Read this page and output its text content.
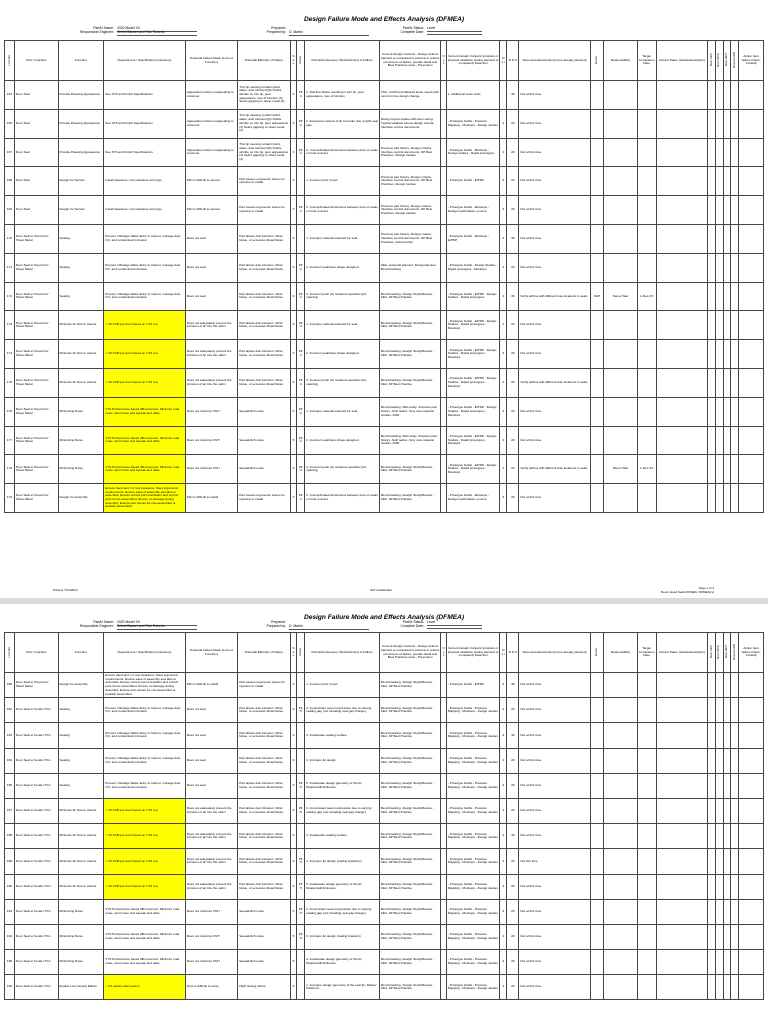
Design Failure Mode and Effects Analysis (DFMEA)
Part/Ix Name: 2020 Model XX
Responsible Engineer: Select Basset and Rick Roberts
Prepared:
Prepared by: D. Martin
Part/Ix Status: Level
Complete Date:
Line No.	Part / Interface	Function	Requirement / Specification (reference)	Potential Failure Mode (Loss of Function)	Potential Effect(s) of Failure	S e v	Class	Potential Cause(s) / Mechanism(s) of Failure	Current Design Controls - Design actions planned or completed to prevent or reduce occurrence of failure; provide detail and Best Practices used - Prevention	O c c	Current Design Controls (Analysis or physical validation testing planned or completed) Detection	D e t	R P N	Recommended Action(s) (not already planned)	Notes	Responsibility	Target Completion Date	Actions Taken (status/description)	New SEV	New OCC	New DET	Result RPN	Action Item Status (Open, Closed)
164	Door Seal	Provide Pleasing Appearance	See STS and Finish Specifications	Appearance that is unappealing to customer	Trim lip causing contact (wind, water, dust intrusion)(3) Visible wrinkle on trim lip, poor appearance, loss of function (3) Seal's gapping to sheet metal (4)	3	PFU	1. Roll-line failure resulting in torn lip, poor appearance, loss of function	FSU- confirmed sill(seal) alone meets with new trim line design change.		1. Additional seam tests		40	Not at this time.									
165	Door Seal	Provide Pleasing Appearance	See STS and Finish Specifications	Appearance that is unappealing to customer	Trim lip causing contact (wind, water, dust intrusion)(3) Visible wrinkle on trim lip, poor appearance (3) Seal's gapping to sheet metal (4)	3	PFU	2. Excessive contour of lip to fender due to tight seal gap.	Design layout studies with door swing. Typical variation across design criteria; Interface control documents.		- Prototype builds - Pressure Mapping - Mockups - Design studies	2	20	Not at this time.									
167	Door Seal	Provide Pleasing Appearance	See STS and Finish Specifications	Appearance that is unappealing to customer	Trim lip causing contact (wind, water, dust intrusion)(3) Visible wrinkle on trim lip, poor appearance (3) Seal's gapping to sheet metal (4)	3	PFU	4. Uncoordinated dimensions between pins on seals on hole in doors.	Previous part history -Design criteria -Interface control documents -SP Best Practices -Design studies		- Prototype builds - Mockups - Design studies - Rapid prototypes	2	20	Not at this time.									
168	Door Seal	Design for Service	Install clearance; tool clearance and ergo	Part is difficult to service	Part causes ergonomic issues for operator to install	3		1. Incorrect pins in part	Previous part history -Design criteria -Interface control documents -SP Best Practices -Design studies		- Prototype builds - E/PNP	2	20	Not at this time.									
169	Door Seal	Design for Service	Install clearance; tool clearance and ergo	Part is difficult to service	Part causes ergonomic issues for operator to install	3	PFU	2. Uncoordinated dimensions between pins on seals on hole in doors.	Previous part history -Design criteria -Interface control documents -SP Best Practices -Design studies		- Prototype builds - Mockups - Design confirmation on door	2	20	Not at this time.									
170	Door Seal to Hood trim/ Sheet Metal	Sealing	Prevent / Manage Water Entry to Interior, manage dust, CO, and contaminant intrusion	Does not seal	Part allows dust intrusion, Wind Noise, or excessive Road Noise	9		1. Improper material selected for seal	Previous part history -Design criteria -Interface control documents -SP Best Practices -Solid Cocker		- Prototype builds - Mockups - E/PNP	2	36	Not at this time.									
171	Door Seal to Hood trim/ Sheet Metal	Sealing	Prevent / Manage Water Entry to Interior, manage dust, CO, and contaminant intrusion	Does not seal	Part allows dust intrusion, Wind Noise, or excessive Road Noise	9	PFU	2. Incorrect seal/trans shape designed.	FEA -seasonal planned -Design Review -Benchmarking		- Prototype builds - Design Studies - Rapid prototypes - Mockups	2	20	Not at this time.									
172	Door Seal to Hood trim/ Sheet Metal	Sealing	Prevent / Manage Water Entry to Interior, manage dust, CO, and contaminant intrusion	Does not seal	Part allows dust intrusion, Wind Noise, or excessive Road Noise	9	PFU	3. Incorrect push pin locations specified (pin spacing)	Benchmarking -Design Study/Review -FEA -SP Best Practice		- Prototype builds - E/PNP - Design Studies - Rapid prototypes	2	36	Verify airflow with different hole locations in seals	SUP	Steve Haar	1-Dec-XX						
173	Door Seal to Hood trim/ Sheet Metal	Minimize Air flow to Interior	< X0 CFM per door based on VTS req	Does not adequately prevent the intrusion of air into the cabin	Part allows dust intrusion, Wind Noise, or excessive Road Noise	9	PFU	1. Improper material selected for seal	Benchmarking -Design Study/Review -FEA -SP Best Practice		- Prototype builds - E/PNP - Design Studies - Rapid prototypes - Mockups	2	20	Not at this time.									
174	Door Seal to Hood trim/ Sheet Metal	Minimize Air flow to Interior	< X0 CFM per door based on VTS req	Does not adequately prevent the intrusion of air into the cabin	Part allows dust intrusion, Wind Noise, or excessive Road Noise	9	PFU	2. Incorrect seal/trans shape designed.	Benchmarking -Design Study/Review -FEA -SP Best Practice		- Prototype builds - E/PNP - Design Studies - Rapid prototypes - Mockups	2	20	Not at this time.									
175	Door Seal to Hood trim/ Sheet Metal	Minimize Air flow to Interior	< X0 CFM per door based on VTS req	Does not adequately prevent the intrusion of air into the cabin	Part allows dust intrusion, Wind Noise, or excessive Road Noise	9	PFU	3. Incorrect push pin locations specified (pin spacing)	Benchmarking -Design Study/Review -FEA -SP Best Practice		- Prototype builds - E/PNP - Design Studies - Rapid prototypes - Mockups	2	20	Verify airflow with different hole locations in seals									
176	Door Seal to Hood trim/ Sheet Metal	Minimizing Noise	VTS Performance based dB increment. Minimize road noise, wind noise and squeak and rattle.	Does not minimize NVH	Squeak/Itch noise	5	PFU	1. Improper material selected for seal	Benchmarking -FEA study -Previous part history -SoD radius -Very new material studies -SOR		- Prototype builds - E/PNP - Design Studies - Rapid prototypes - Mockups	2	20	Not at this time.									
177	Door Seal to Hood trim/ Sheet Metal	Minimizing Noise	VTS Performance based dB increment. Minimize road noise, wind noise and squeak and rattle.	Does not minimize NVH	Squeak/Itch noise	5	PFU	2. Incorrect seal/trans shape designed.	Benchmarking -FEA study -Previous part history -SoD radius -Very new material studies -SOR		- Prototype builds - E/PNP - Design Studies - Rapid prototypes - Mockups	2	20	Not at this time.									
178	Door Seal to Hood trim/ Sheet Metal	Minimizing Noise	VTS Performance based dB increment. Minimize road noise, wind noise and squeak and rattle.	Does not minimize NVH	Squeak/Itch noise	5	PFU	3. Incorrect push pin locations specified (pin spacing)	Benchmarking -Design Study/Review -FEA -SP Best Practice		- Prototype builds - E/PNP - Design Studies - Rapid prototypes - Mockups	2	20	Verify airflow with different hole locations in seals		Steve Haar	1-Dec-XX						
179	Door Seal to Hood trim/ Sheet Metal	Design for Assembly	Ensure hand and / or tool clearance. Meet ergonomic requirements. Ensure ease of assembly and able to assemble. Ensure correct part orientation and correct part can be assembled. Ensure no damage during assembly. Ensure part cannot be mis-assembled or partially assembled.	Part is difficult to install	Part causes ergonomic issues for operator to install	3	PFU	2. Uncoordinated dimensions between pins on seals on hole in doors.	Benchmarking -Design Study/Review -FEA -SP Best Practice		- Prototype builds - Mockups - Design confirmation on door	2	20	Not at this time.									
Printed: 7/21/2024	GM Confidential	Page 1 of 4
Rover Hood Seals DFMEA / DFMEA(rs)
Design Failure Mode and Effects Analysis (DFMEA)
Part/Ix Name: 2020 Model XX
Responsible Engineer: Select Basset and Rick Roberts
Prepared:
Prepared by: D. Martin
Part/Ix Status: Level
Complete Date:
Line No.	Part / Interface	Function	Requirement / Specification (reference)	Potential Failure Mode (Loss of Function)	Potential Effect(s) of Failure	S e v	Class	Potential Cause(s) / Mechanism(s) of Failure	Current Design Controls - Design actions planned or completed to prevent or reduce occurrence of failure; provide detail and Best Practices used - Prevention	O c c	Current Design Controls (Analysis or physical validation testing planned or completed) Detection	D e t	R P N	Recommended Action(s) (not already planned)	Notes	Responsibility	Target Completion Date	Actions Taken (status/description)	New SEV	New OCC	New DET	Result RPN	Action Item Status (Open, Closed)
180	Door Seal to Hood trim/ Sheet Metal	Design for Assembly	Ensure hand and / or tool clearance. Meet ergonomic requirements. Ensure ease of assembly and able to assemble. Ensure correct part orientation and correct part can be assembled. Ensure no damage during assembly. Ensure part cannot be mis-assembled or partially assembled.	Part is difficult to install	Part causes ergonomic issues for operator to install	3		1. Incorrect pins in part	Benchmarking -Design Study/Review -FEA -SP Best Practice		- Prototype builds - E/PNP	2	36	Not at this time.									
182	Door Seal to Fender Trim	Sealing	Prevent / Manage Water Entry to Interior, manage dust, CO, and contaminant intrusion	Does not seal	Part allows dust intrusion, Wind Noise, or excessive Road Noise	9	PFH	2. Inconsistent seal compression due to varying sealing gap (not including seal gap change)	Benchmarking -Design Study/Review -FEA -SP Best Practice		- Prototype builds - Pressure Mapping - Mockups - Design studies	2	20	Not at this time.									
183	Door Seal to Fender Trim	Sealing	Prevent / Manage Water Entry to Interior, manage dust, CO, and contaminant intrusion	Does not seal	Part allows dust intrusion, Wind Noise, or excessive Road Noise	9		3. Inadequate sealing surface	Benchmarking -Design Study/Review -FEA -SP Best Practice		- Prototype builds - Pressure Mapping - Mockups - Design studies	2	40	Not at this time.									
184	Door Seal to Fender Trim	Sealing	Prevent / Manage Water Entry to Interior, manage dust, CO, and contaminant intrusion	Does not seal	Part allows dust intrusion, Wind Noise, or excessive Road Noise	9		4. Improper lip design	Benchmarking -Design Study/Review -FEA -SP Best Practice		- Prototype builds - Pressure Mapping - Mockups - Design studies	2	20	Not at this time.									
185	Door Seal to Fender Trim	Sealing	Prevent / Manage Water Entry to Interior, manage dust, CO, and contaminant intrusion	Does not seal	Part allows dust intrusion, Wind Noise, or excessive Road Noise	9	PFH	5. Inadequate design geometry of the lip. Shape/radii thickness.	Benchmarking -Design Study/Review -FEA -SP Best Practice		- Prototype builds - Pressure Mapping - Mockups - Design studies	2	20	Not at this time.									
187	Door Seal to Fender Trim	Minimize Air flow to Interior	< X0 CFM per door based on VTS req	Does not adequately prevent the intrusion of air into the cabin	Part allows dust intrusion, Wind Noise, or excessive Road Noise	9	PFH	2. Inconsistent seal compression due to varying sealing gap (not including seal gap change)	Benchmarking -Design Study/Review -FEA -SP Best Practice		- Prototype builds - Pressure Mapping - Mockups - Design studies	2	20	Not at this time.									
188	Door Seal to Fender Trim	Minimize Air flow to Interior	< X0 CFM per door based on VTS req	Does not adequately prevent the intrusion of air into the cabin	Part allows dust intrusion, Wind Noise, or excessive Road Noise	9		3. Inadequate sealing surface	Benchmarking -Design Study/Review -FEA -SP Best Practice		- Prototype builds - Pressure Mapping - Mockups - Design studies	2	40	Not at this time.									
189	Door Seal to Fender Trim	Minimize Air flow to Interior	< X0 CFM per door based on VTS req	Does not adequately prevent the intrusion of air into the cabin	Part allows dust intrusion, Wind Noise, or excessive Road Noise	9	PFH	4. Improper lip design (mating bracketry)	Benchmarking -Design Study/Review -FEA -SP Best Practice		- Prototype builds - Pressure Mapping - Mockups - Design studies	2	20	Not this time.									
190	Door Seal to Fender Trim	Minimize Air flow to Interior	< X0 CFM per door based on VTS req	Does not adequately prevent the intrusion of air into the cabin	Part allows dust intrusion, Wind Noise, or excessive Road Noise	9	PFH	5. Inadequate design geometry of the lip. Shape/radii thickness.	Benchmarking -Design Study/Review -FEA -SP Best Practice		- Prototype builds - Pressure Mapping - Mockups - Design studies	2	20	Not at this time.									
193	Door Seal to Fender Trim	Minimizing Noise	VTS Performance based dB increment. Minimize road noise, wind noise and squeak and rattle.	Does not minimize NVH	Squeak/Itch noise	5	PFH	2. Inconsistent seal compression due to varying sealing gap (not including seal gap change)	Benchmarking -Design Study/Review -FEA -SP Best Practice		- Prototype builds - Pressure Mapping - Mockups - Design studies	2	20	Not at this time.									
194	Door Seal to Fender Trim	Minimizing Noise	VTS Performance based dB increment. Minimize road noise, wind noise and squeak and rattle.	Does not minimize NVH	Squeak/Itch noise	5	PFH	3. Improper lip design (mating brackets)	Benchmarking -Design Study/Review -FEA -SP Best Practice		- Prototype builds - Pressure Mapping - Mockups - Design studies	2	20	Not at this time.									
195	Door Seal to Fender Trim	Minimizing Noise	VTS Performance based dB increment. Minimize road noise, wind noise and squeak and rattle.	Does not minimize NVH	Squeak/Itch noise	5		4. Inadequate design geometry of the lip. Shape/radii thickness.	Benchmarking -Design Study/Review -FEA -SP Best Practice		- Prototype builds - Pressure Mapping - Mockups - Design studies	2	20	Not at this time.									
196	Door Seal to Fender Trim	Enable Low Closing Efforts	< 3.0 Joules total system	Door is difficult to close	High closing efforts	5		1. Improper design geometry of the seal lip. Shape/ thickness.	Benchmarking -Design Study/Review -FEA -SP Best Practice		- Prototype builds - Pressure Mapping - Mockups - Design studies	2	20	Not at this time.									
